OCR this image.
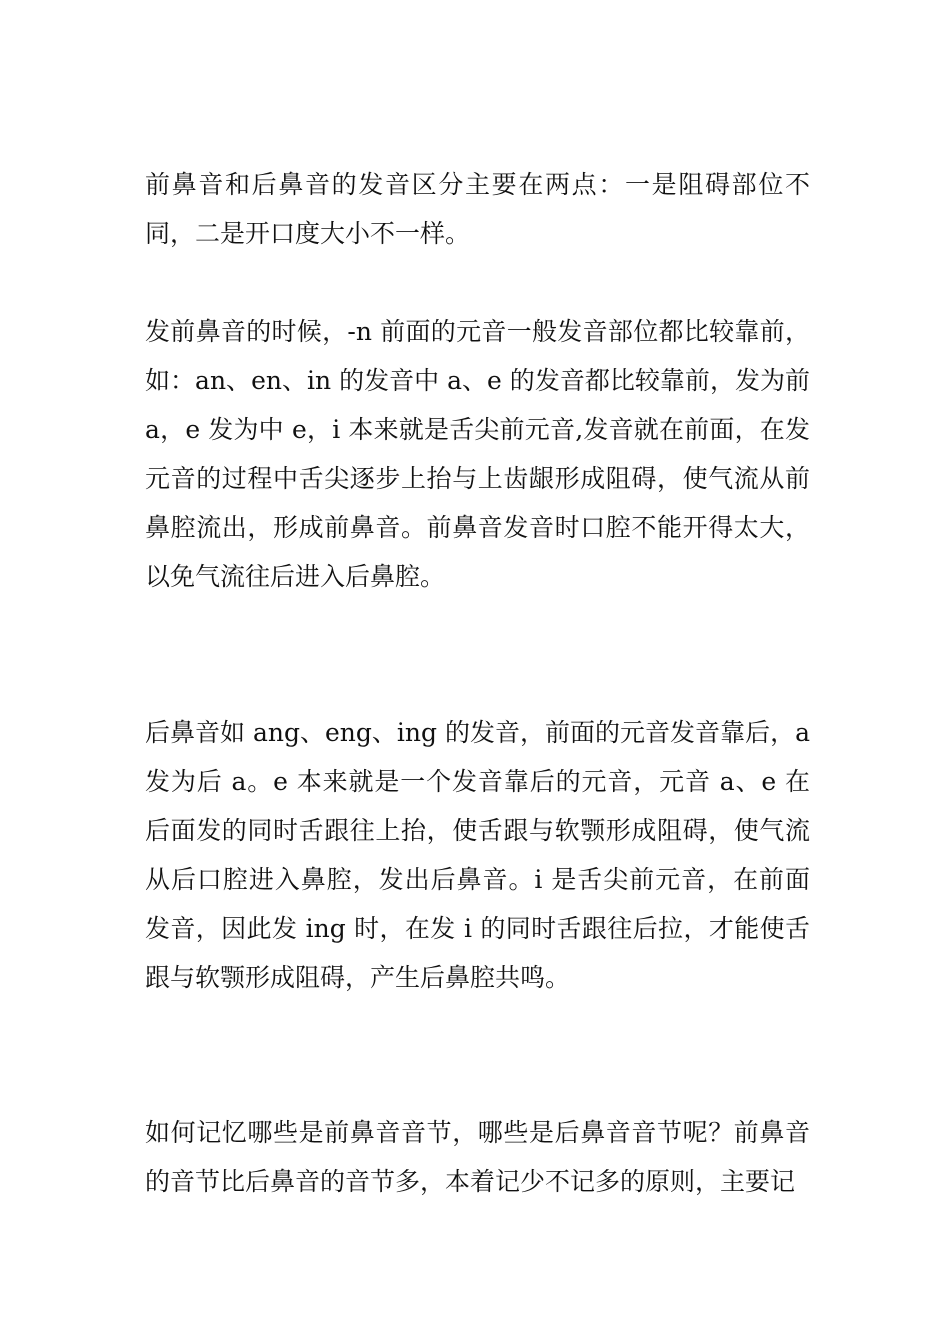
前鼻音和后鼻音的发音区分主要在两点：一是阻碍部位不同，二是开口度大小不一样。

发前鼻音的时候，-n 前面的元音一般发音部位都比较靠前，如：an、en、in 的发音中 a、e 的发音都比较靠前，发为前 a，e 发为中 e，i 本来就是舌尖前元音,发音就在前面，在发元音的过程中舌尖逐步上抬与上齿龈形成阻碍，使气流从前鼻腔流出，形成前鼻音。前鼻音发音时口腔不能开得太大，以免气流往后进入后鼻腔。

后鼻音如 ang、eng、ing 的发音，前面的元音发音靠后，a 发为后 a。e 本来就是一个发音靠后的元音，元音 a、e 在后面发的同时舌跟往上抬，使舌跟与软颚形成阻碍，使气流从后口腔进入鼻腔，发出后鼻音。i 是舌尖前元音，在前面发音，因此发 ing 时，在发 i 的同时舌跟往后拉，才能使舌跟与软颚形成阻碍，产生后鼻腔共鸣。

如何记忆哪些是前鼻音音节，哪些是后鼻音音节呢？前鼻音的音节比后鼻音的音节多，本着记少不记多的原则，主要记
